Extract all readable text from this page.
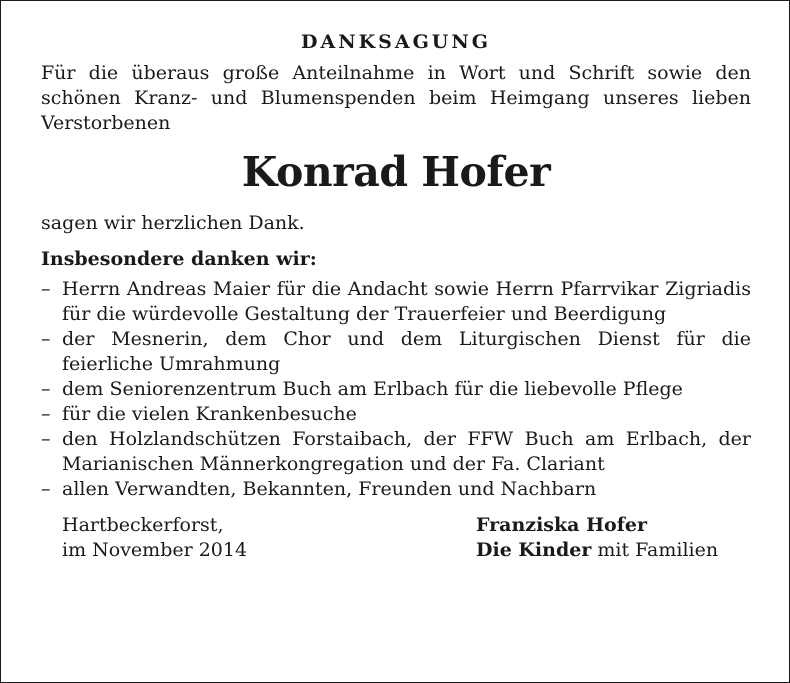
DANKSAGUNG

Für die überaus große Anteilnahme in Wort und Schrift sowie den schönen Kranz- und Blumenspenden beim Heimgang unseres lieben Verstorbenen

Konrad Hofer
sagen wir herzlichen Dank.
Insbesondere danken wir:
– Herrn Andreas Maier für die Andacht sowie Herrn Pfarrvikar Zigriadis für die würdevolle Gestaltung der Trauerfeier und Beerdigung
– der Mesnerin, dem Chor und dem Liturgischen Dienst für die feierliche Umrahmung
– dem Seniorenzentrum Buch am Erlbach für die liebevolle Pflege
– für die vielen Krankenbesuche
– den Holzlandschützen Forstaibach, der FFW Buch am Erlbach, der Marianischen Männerkongregation und der Fa. Clariant
– allen Verwandten, Bekannten, Freunden und Nachbarn
Hartbeckerforst,
im November 2014
Franziska Hofer
Die Kinder mit Familien
